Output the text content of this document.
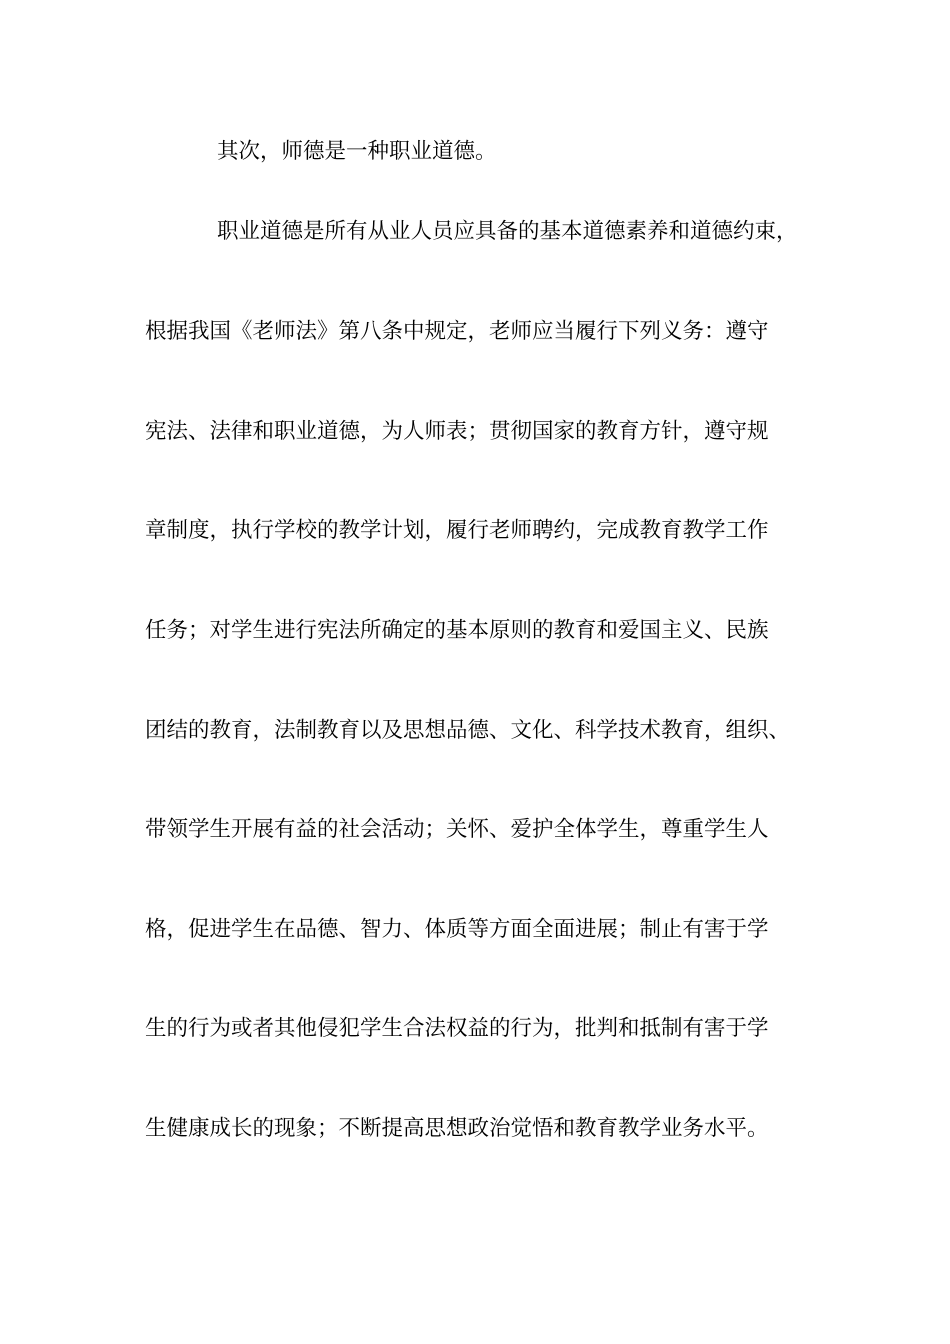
其次，师德是一种职业道德。
职业道德是所有从业人员应具备的基本道德素养和道德约束，
根据我国《老师法》第八条中规定，老师应当履行下列义务：遵守
宪法、法律和职业道德，为人师表；贯彻国家的教育方针，遵守规
章制度，执行学校的教学计划，履行老师聘约，完成教育教学工作
任务；对学生进行宪法所确定的基本原则的教育和爱国主义、民族
团结的教育，法制教育以及思想品德、文化、科学技术教育，组织、
带领学生开展有益的社会活动；关怀、爱护全体学生，尊重学生人
格，促进学生在品德、智力、体质等方面全面进展；制止有害于学
生的行为或者其他侵犯学生合法权益的行为，批判和抵制有害于学
生健康成长的现象；不断提高思想政治觉悟和教育教学业务水平。
